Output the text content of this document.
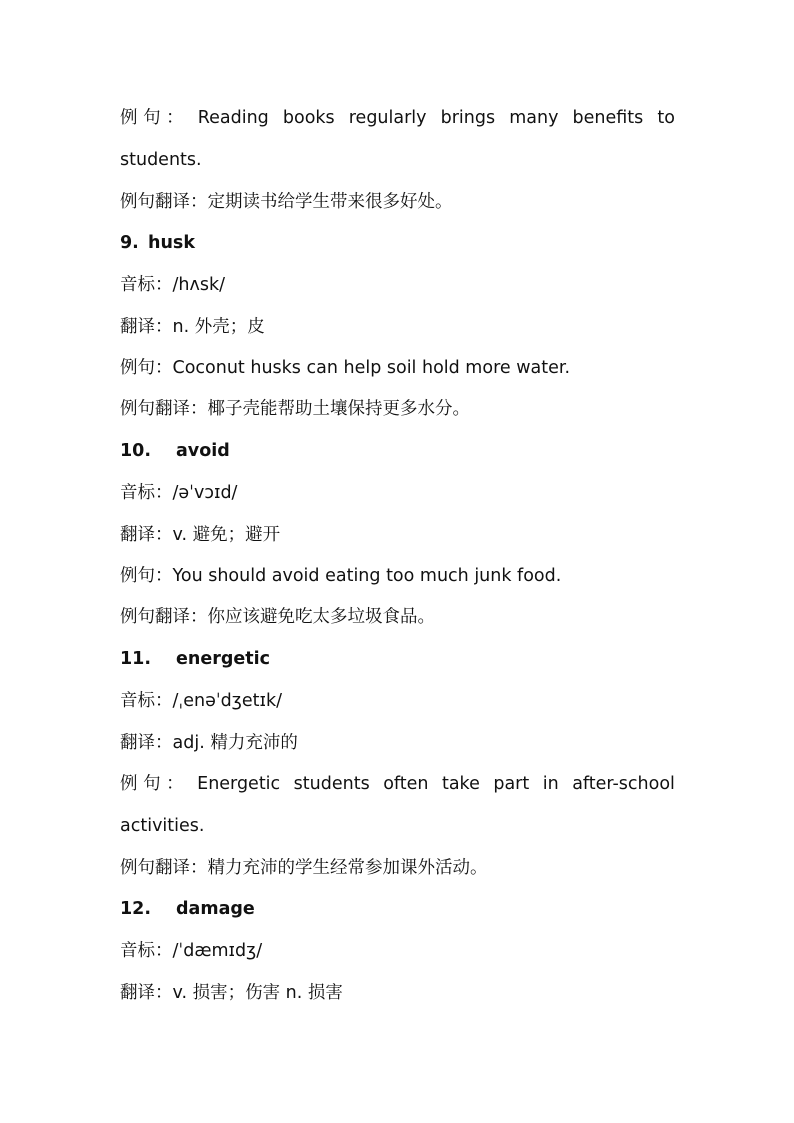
例 句 ： Reading books regularly brings many benefits to
students.
例句翻译：定期读书给学生带来很多好处。
9. husk
音标：/hʌsk/
翻译：n. 外壳；皮
例句：Coconut husks can help soil hold more water.
例句翻译：椰子壳能帮助土壤保持更多水分。
10. avoid
音标：/əˈvɔɪd/
翻译：v. 避免；避开
例句：You should avoid eating too much junk food.
例句翻译：你应该避免吃太多垃圾食品。
11. energetic
音标：/ˌenəˈdʒetɪk/
翻译：adj. 精力充沛的
例 句 ： Energetic students often take part in after-school
activities.
例句翻译：精力充沛的学生经常参加课外活动。
12. damage
音标：/ˈdæmɪdʒ/
翻译：v. 损害；伤害 n. 损害
